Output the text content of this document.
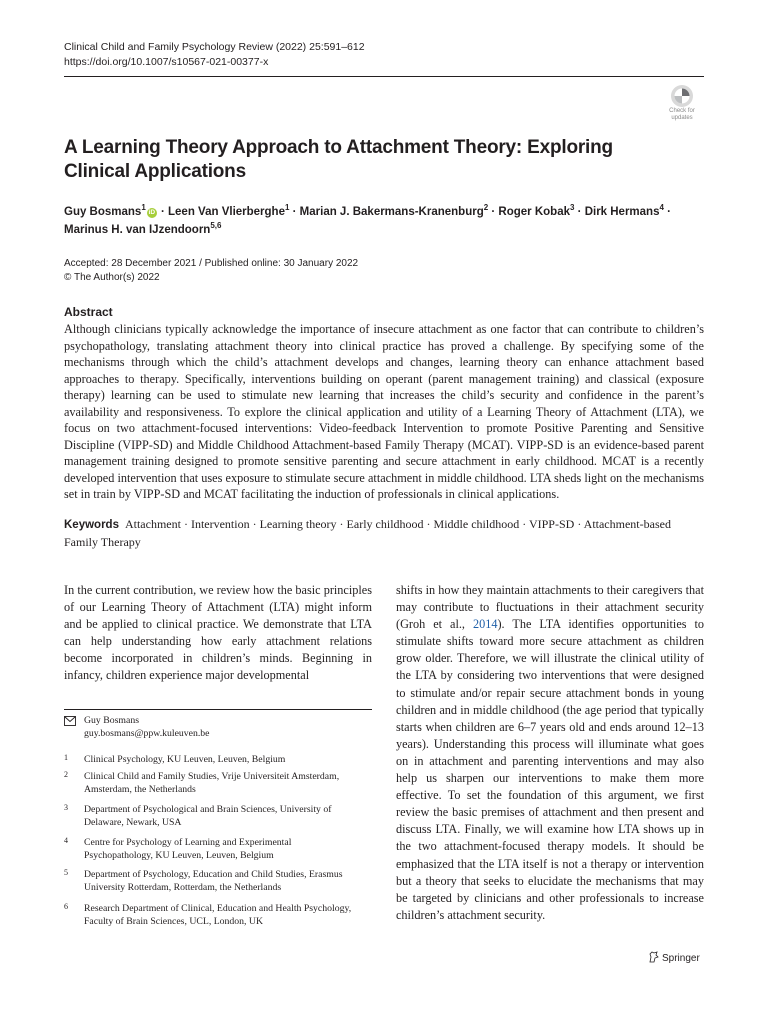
Clinical Child and Family Psychology Review (2022) 25:591–612
https://doi.org/10.1007/s10567-021-00377-x
Check for
updates
A Learning Theory Approach to Attachment Theory: Exploring Clinical Applications
Guy Bosmans$^1$iD · Leen Van Vlierberghe$^1$ · Marian J. Bakermans-Kranenburg$^2$ · Roger Kobak$^3$ · Dirk Hermans$^4$ ·
Marinus H. van IJzendoorn$^{5,6}$
Accepted: 28 December 2021 / Published online: 30 January 2022
© The Author(s) 2022
Abstract
Although clinicians typically acknowledge the importance of insecure attachment as one factor that can contribute to children’s psychopathology, translating attachment theory into clinical practice has proved a challenge. By specifying some of the mechanisms through which the child’s attachment develops and changes, learning theory can enhance attachment based approaches to therapy. Specifically, interventions building on operant (parent management training) and classical (exposure therapy) learning can be used to stimulate new learning that increases the child’s security and confidence in the parent’s availability and responsiveness. To explore the clinical application and utility of a Learning Theory of Attachment (LTA), we focus on two attachment-focused interventions: Video-feedback Intervention to promote Positive Parenting and Sensitive Discipline (VIPP-SD) and Middle Childhood Attachment-based Family Therapy (MCAT). VIPP-SD is an evidence-based parent management training designed to promote sensitive parenting and secure attachment in early childhood. MCAT is a recently developed intervention that uses exposure to stimulate secure attachment in middle childhood. LTA sheds light on the mechanisms set in train by VIPP-SD and MCAT facilitating the induction of professionals in clinical applications.
Keywords Attachment · Intervention · Learning theory · Early childhood · Middle childhood · VIPP-SD · Attachment-based Family Therapy
In the current contribution, we review how the basic principles of our Learning Theory of Attachment (LTA) might inform and be applied to clinical practice. We demonstrate that LTA can help understanding how early attachment relations become incorporated in children’s minds. Beginning in infancy, children experience major developmental
shifts in how they maintain attachments to their caregivers that may contribute to fluctuations in their attachment security (Groh et al., 2014). The LTA identifies opportunities to stimulate shifts toward more secure attachment as children grow older. Therefore, we will illustrate the clinical utility of the LTA by considering two interventions that were designed to stimulate and/or repair secure attachment bonds in young children and in middle childhood (the age period that typically starts when children are 6–7 years old and ends around 12–13 years). Understanding this process will illuminate what goes on in attachment and parenting interventions and may also help us sharpen our interventions to make them more effective. To set the foundation of this argument, we first review the basic premises of attachment and then present and discuss LTA. Finally, we will examine how LTA shows up in the two attachment-focused therapy models. It should be emphasized that the LTA itself is not a therapy or intervention but a theory that seeks to elucidate the mechanisms that may be targeted by clinicians and other professionals to increase children’s attachment security.
Guy Bosmans
guy.bosmans@ppw.kuleuven.be
1	Clinical Psychology, KU Leuven, Leuven, Belgium
2	Clinical Child and Family Studies, Vrije Universiteit Amsterdam, Amsterdam, the Netherlands
3	Department of Psychological and Brain Sciences, University of Delaware, Newark, USA
4	Centre for Psychology of Learning and Experimental Psychopathology, KU Leuven, Leuven, Belgium
5	Department of Psychology, Education and Child Studies, Erasmus University Rotterdam, Rotterdam, the Netherlands
6	Research Department of Clinical, Education and Health Psychology, Faculty of Brain Sciences, UCL, London, UK
Springer
